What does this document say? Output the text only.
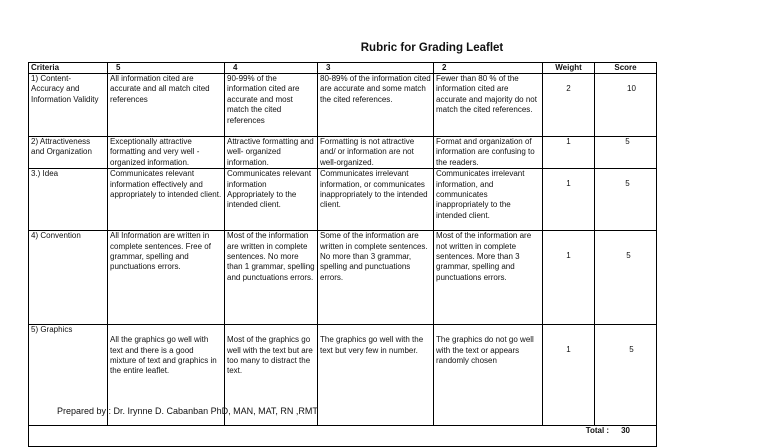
Rubric for Grading Leaflet
Criteria	5	4	3	2	Weight	Score
1) Content- Accuracy and Information Validity	All information cited are accurate and all match cited references	90-99% of the information cited are accurate and most match the cited references	80-89% of the information cited are accurate and some match the cited references.	Fewer than 80 % of the information cited are accurate and majority do not match the cited references.	2	10
2) Attractiveness and Organization	Exceptionally attractive formatting and very well - organized information.	Attractive formatting and well- organized information.	Formatting is not attractive and/ or information are not well-organized.	Format and organization of information are confusing to the readers.	1	5
3.) Idea	Communicates relevant information effectively and appropriately to intended client.	Communicates relevant information Appropriately to the intended client.	Communicates irrelevant information, or communicates inappropriately to the intended client.	Communicates irrelevant information, and communicates inappropriately to the intended client.	1	5
4) Convention	All Information are written in complete sentences. Free of grammar, spelling and punctuations errors.	Most of the information are written in complete sentences. No more than 1 grammar, spelling and punctuations errors.	Some of the information are written in complete sentences. No more than 3 grammar, spelling and punctuations errors.	Most of the information are not written in complete sentences. More than 3 grammar, spelling and punctuations errors.	1	5
5) Graphics	All the graphics go well with text and there is a good mixture of text and graphics in the entire leaflet.	Most of the graphics go well with the text but are too many to distract the text.	The graphics go well with the text but very few in number.	The graphics do not go well with the text or appears randomly chosen	1	5
Total : 30						
Prepared by : Dr. Irynne D. Cabanban PhD, MAN, MAT, RN ,RMT
